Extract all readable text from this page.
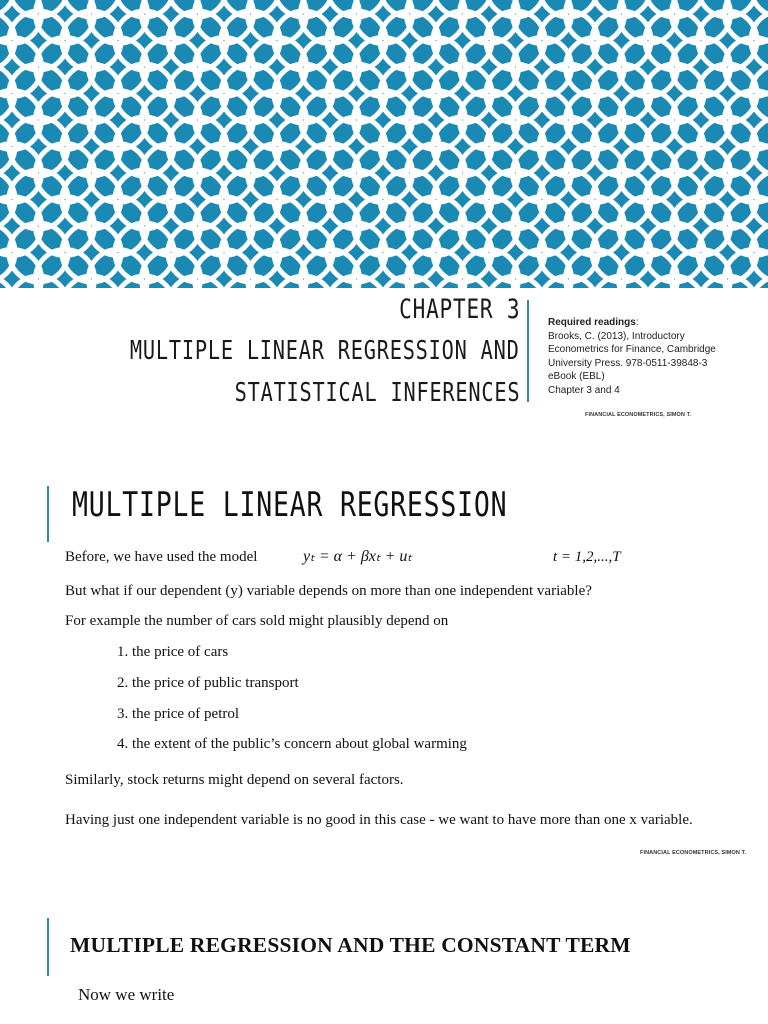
CHAPTER 3
MULTIPLE LINEAR REGRESSION AND
STATISTICAL INFERENCES
Required readings:
Brooks, C. (2013), Introductory
Econometrics for Finance, Cambridge
University Press. 978-0511-39848-3
eBook (EBL)
Chapter 3 and 4
FINANCIAL ECONOMETRICS, SIMON T.
MULTIPLE LINEAR REGRESSION
Before, we have used the model	yₜ = α + βxₜ + uₜ	t = 1,2,...,T
But what if our dependent (y) variable depends on more than one independent variable?
For example the number of cars sold might plausibly depend on
1. the price of cars
2. the price of public transport
3. the price of petrol
4. the extent of the public’s concern about global warming
Similarly, stock returns might depend on several factors.
Having just one independent variable is no good in this case - we want to have more than one x variable.
FINANCIAL ECONOMETRICS, SIMON T.
MULTIPLE REGRESSION AND THE CONSTANT TERM
Now we write
